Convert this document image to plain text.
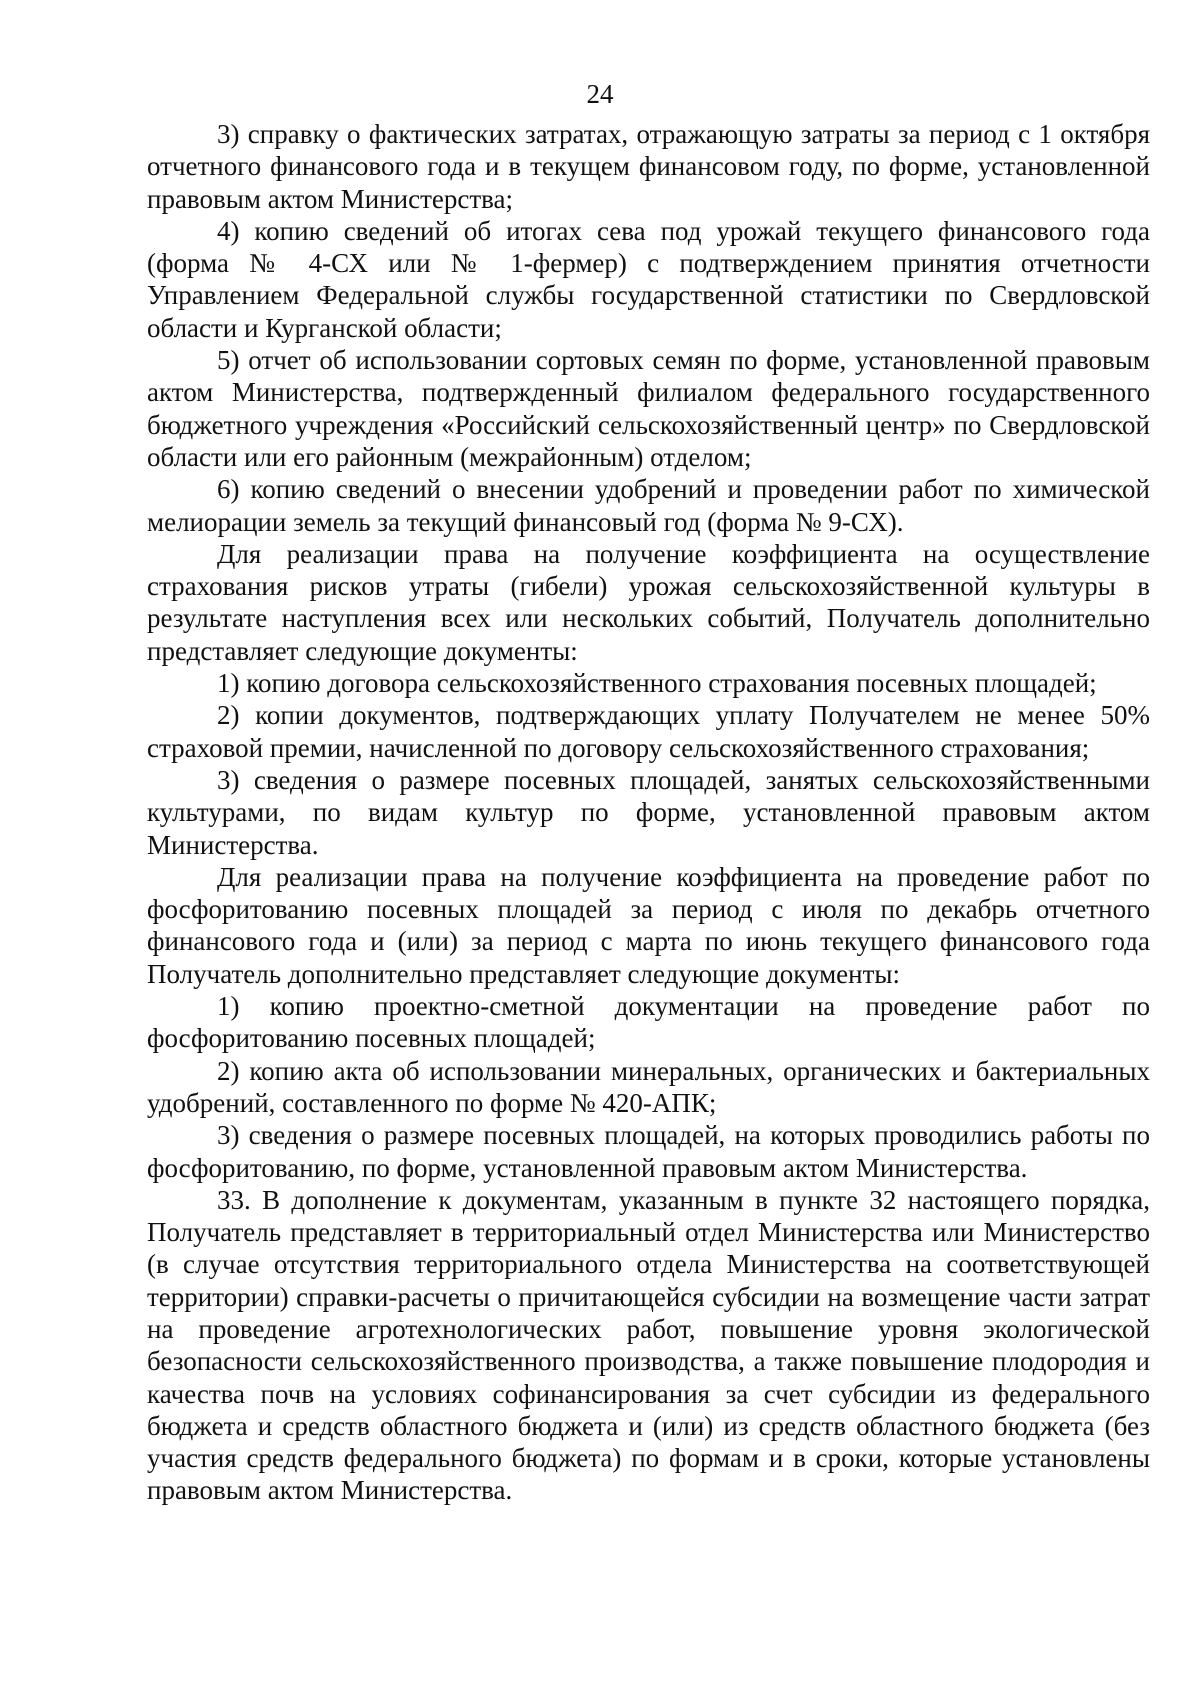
24

3) справку о фактических затратах, отражающую затраты за период с 1 октября отчетного финансового года и в текущем финансовом году, по форме, установленной правовым актом Министерства;

4) копию сведений об итогах сева под урожай текущего финансового года (форма № 4-СХ или № 1-фермер) с подтверждением принятия отчетности Управлением Федеральной службы государственной статистики по Свердловской области и Курганской области;

5) отчет об использовании сортовых семян по форме, установленной правовым актом Министерства, подтвержденный филиалом федерального государственного бюджетного учреждения «Российский сельскохозяйственный центр» по Свердловской области или его районным (межрайонным) отделом;

6) копию сведений о внесении удобрений и проведении работ по химической мелиорации земель за текущий финансовый год (форма № 9-СХ).

Для реализации права на получение коэффициента на осуществление страхования рисков утраты (гибели) урожая сельскохозяйственной культуры в результате наступления всех или нескольких событий, Получатель дополнительно представляет следующие документы:

1) копию договора сельскохозяйственного страхования посевных площадей;

2) копии документов, подтверждающих уплату Получателем не менее 50% страховой премии, начисленной по договору сельскохозяйственного страхования;

3) сведения о размере посевных площадей, занятых сельскохозяйственными культурами, по видам культур по форме, установленной правовым актом Министерства.

Для реализации права на получение коэффициента на проведение работ по фосфоритованию посевных площадей за период с июля по декабрь отчетного финансового года и (или) за период с марта по июнь текущего финансового года Получатель дополнительно представляет следующие документы:

1) копию проектно-сметной документации на проведение работ по фосфоритованию посевных площадей;

2) копию акта об использовании минеральных, органических и бактериальных удобрений, составленного по форме № 420-АПК;

3) сведения о размере посевных площадей, на которых проводились работы по фосфоритованию, по форме, установленной правовым актом Министерства.

33. В дополнение к документам, указанным в пункте 32 настоящего порядка, Получатель представляет в территориальный отдел Министерства или Министерство (в случае отсутствия территориального отдела Министерства на соответствующей территории) справки-расчеты о причитающейся субсидии на возмещение части затрат на проведение агротехнологических работ, повышение уровня экологической безопасности сельскохозяйственного производства, а также повышение плодородия и качества почв на условиях софинансирования за счет субсидии из федерального бюджета и средств областного бюджета и (или) из средств областного бюджета (без участия средств федерального бюджета) по формам и в сроки, которые установлены правовым актом Министерства.
